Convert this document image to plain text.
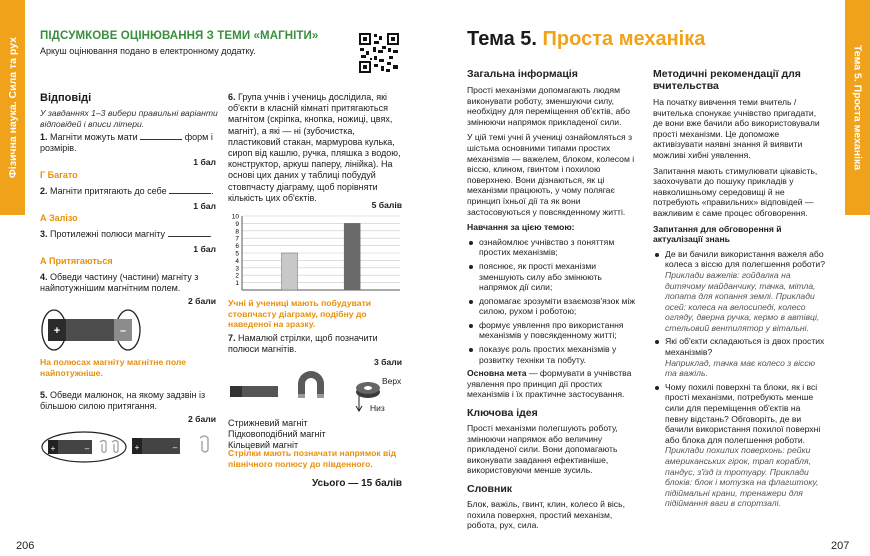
Фізична наука. Сила та рух	Тема 5. Проста механіка
ПІДСУМКОВЕ ОЦІНЮВАННЯ З ТЕМИ «МАГНІТИ»
Аркуш оцінювання подано в електронному додатку.
Відповіді
У завданнях 1–3 вибери правильні варіанти відповідей і вписи літери.
1. Магніти можуть мати	форм і розмірів.
1 бал
Г Багато
2. Магніти притягають до себе	.
1 бал
А Залізо
3. Протилежні полюси магніту	.
1 бал
А Притягаються
4. Обведи частину (частини) магніту з найпотужнішим магнітним полем.
2 бали
+	–
На полюсах магніту магнітне поле найпотужніше.
5. Обведи малюнок, на якому задзвін із більшою силою притягання.
2 бали
+	–	+	–
6. Група учнів і учениць дослідила, які об'єкти в класній кімнаті притягаються магнітом (скріпка, кнопка, ножиці, цвях, магніт), а які — ні (зубочистка, пластиковий стакан, мармурова кулька, сироп від кашлю, ручка, пляшка з водою, конструктор, аркуш паперу, лінійка). На основі цих даних у таблиці побудуй стовпчасту діаграму, щоб порівняти кількість цих об'єктів.
5 балів
1
2
3
4
5
6
7
8
9
10
Учні й учениці мають побудувати стовпчасту діаграму, подібну до наведеної на зразку.
7. Намалюй стрілки, щоб позначити полюси магнітів.
3 бали
Верх
Низ
Стрижневий магніт
Підковоподібний магніт
Кільцевий магніт
Стрілки мають позначати напрямок від північного полюсу до південного.
Усього — 15 балів
206	207
Тема 5. Проста механіка
Загальна інформація
Прості механізми допомагають людям виконувати роботу, зменшуючи силу, необхідну для переміщення об'єктів, або змінюючи напрямок прикладеної сили.
У цій темі учні й учениці ознайомляться з шістьма основними типами простих механізмів — важелем, блоком, колесом і віссю, клином, гвинтом і похилою поверхнею. Вони дізнаються, як ці механізми працюють, у чому полягає принцип їхньої дії та як вони застосовуються у повсякденному житті.
Навчання за цією темою:
ознайомлює учнівство з поняттям простих механізмів;
пояснює, як прості механізми зменшують силу або змінюють напрямок дії сили;
допомагає зрозуміти взаємозв'язок між силою, рухом і роботою;
формує уявлення про використання механізмів у повсякденному житті;
показує роль простих механізмів у розвитку техніки та побуту.
Основна мета — формувати в учнівства уявлення про принцип дії простих механізмів і їх практичне застосування.
Ключова ідея
Прості механізми полегшують роботу, змінюючи напрямок або величину прикладеної сили. Вони допомагають виконувати завдання ефективніше, використовуючи менше зусиль.
Словник
Блок, важіль, гвинт, клин, колесо й вісь, похила поверхня, простий механізм, робота, рух, сила.
Методичні рекомендації для вчительства
На початку вивчення теми вчитель / вчителька спонукає учнівство пригадати, де вони вже бачили або використовували прості механізми. Це допоможе активізувати наявні знання й виявити можливі хибні уявлення.
Запитання мають стимулювати цікавість, заохочувати до пошуку прикладів у навколишньому середовищі й не потребують «правильних» відповідей — важливим є саме процес обговорення.
Запитання для обговорення й актуалізації знань
Де ви бачили використання важеля або колеса з віссю для полегшення роботи?
Приклади важелів: гойдалка на дитячому майданчику, тачка, мітла, лопата для копання землі. Приклади осей: колеса на велосипеді, колесо огляду, дверна ручка, кермо в автівці, стельовий вентилятор у вітальні.
Які об'єкти складаються із двох простих механізмів?
Наприклад, тачка має колесо з віссю та важіль.
Чому похилі поверхні та блоки, як і всі прості механізми, потребують менше сили для переміщення об'єктів на певну відстань? Обговоріть, де ви бачили використання похилої поверхні або блока для полегшення роботи.
Приклади похилих поверхонь: рейки американських гірок, трап корабля, пандус, з'їзд із тротуару. Приклади блоків: блок і мотузка на флагштоку, підіймальні крани, тренажери для підіймання ваги в спортзалі.
